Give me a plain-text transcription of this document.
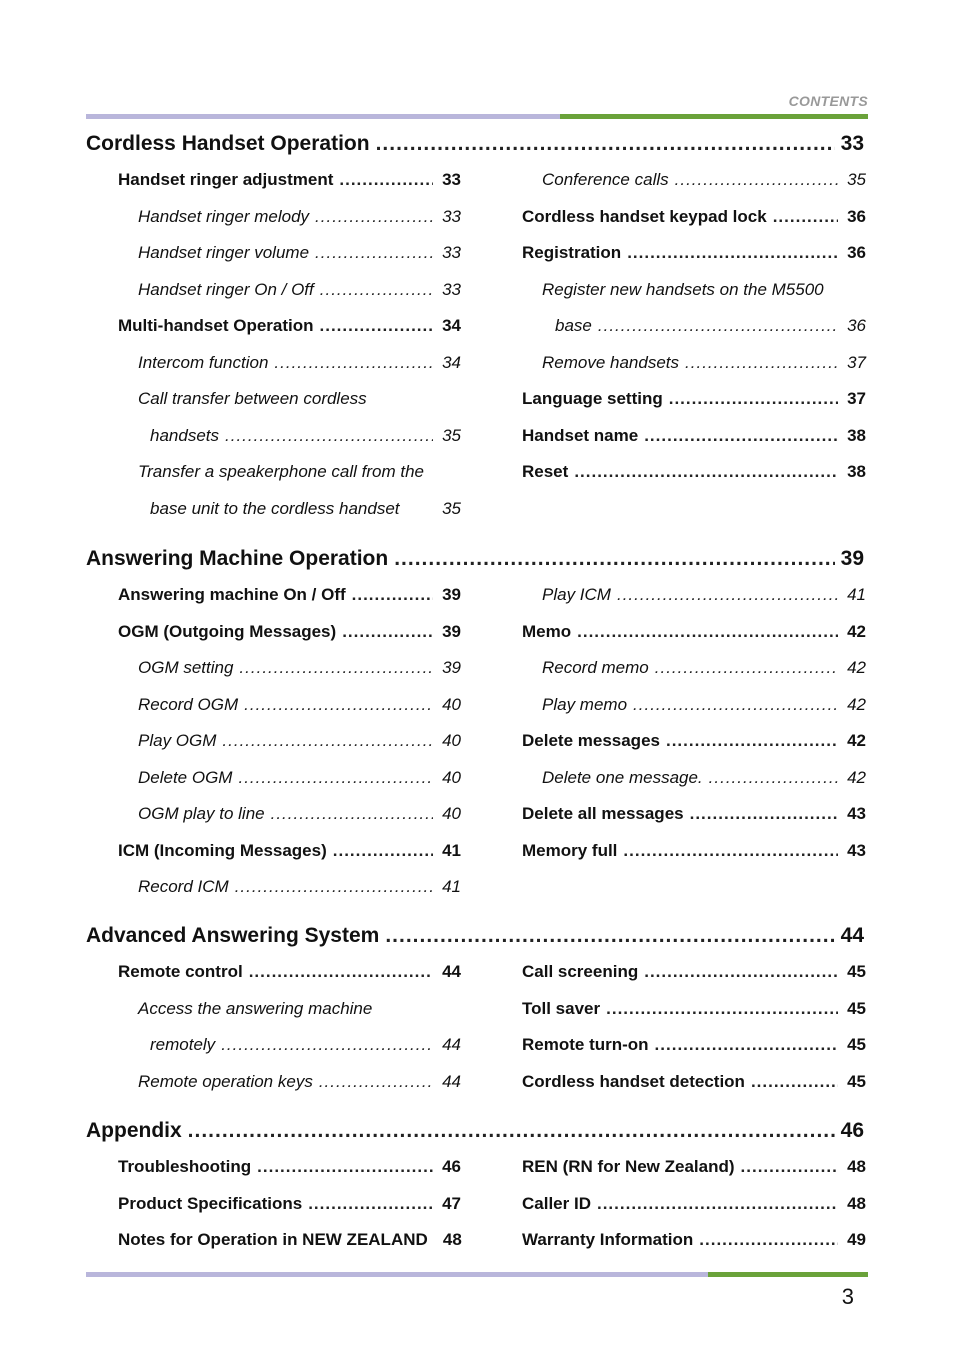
CONTENTS
Cordless Handset Operation .....	33
Handset ringer adjustment .....	33
Handset ringer melody .....	33
Handset ringer volume .....	33
Handset ringer On / Off .....	33
Multi-handset Operation .....	34
Intercom function .....	34
Call transfer between cordless
handsets .....	35
Transfer a speakerphone call from the
base unit to the cordless handset	35
Conference calls .....	35
Cordless handset keypad lock .....	36
Registration .....	36
Register new handsets on the M5500
base .....	36
Remove handsets .....	37
Language setting .....	37
Handset name .....	38
Reset .....	38
Answering Machine Operation .....	39
Answering machine On / Off .....	39
OGM (Outgoing Messages) .....	39
OGM setting .....	39
Record OGM .....	40
Play OGM .....	40
Delete OGM .....	40
OGM play to line .....	40
ICM (Incoming Messages) .....	41
Record ICM .....	41
Play ICM .....	41
Memo .....	42
Record memo .....	42
Play memo .....	42
Delete messages .....	42
Delete one message. .....	42
Delete all messages .....	43
Memory full .....	43
Advanced Answering System .....	44
Remote control .....	44
Access the answering machine
remotely .....	44
Remote operation keys .....	44
Call screening .....	45
Toll saver .....	45
Remote turn-on .....	45
Cordless handset detection .....	45
Appendix .....	46
Troubleshooting .....	46
Product Specifications .....	47
Notes for Operation in NEW ZEALAND 48
REN (RN for New Zealand) .....	48
Caller ID .....	48
Warranty Information .....	49
3
